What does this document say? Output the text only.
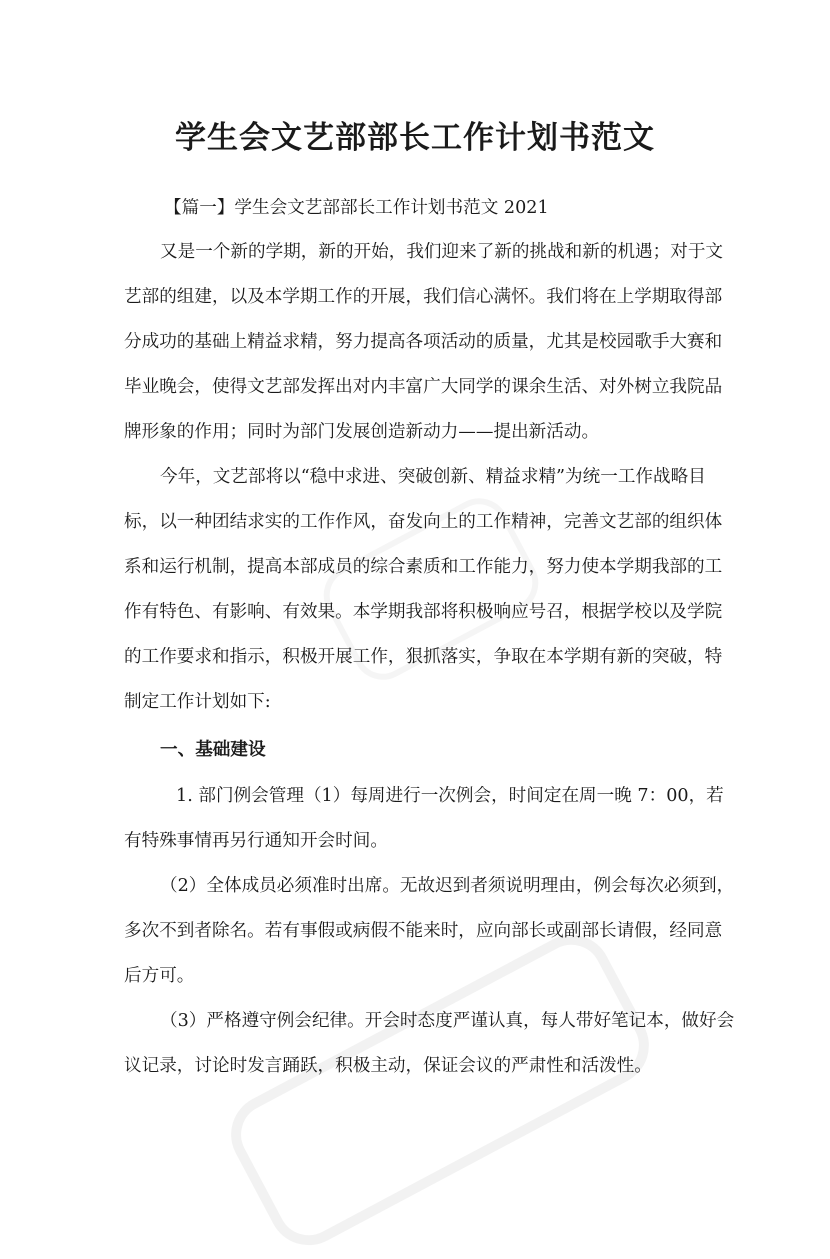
学生会文艺部部长工作计划书范文
【篇一】学生会文艺部部长工作计划书范文 2021
又是一个新的学期，新的开始，我们迎来了新的挑战和新的机遇；对于文
艺部的组建，以及本学期工作的开展，我们信心满怀。我们将在上学期取得部
分成功的基础上精益求精，努力提高各项活动的质量，尤其是校园歌手大赛和
毕业晚会，使得文艺部发挥出对内丰富广大同学的课余生活、对外树立我院品
牌形象的作用；同时为部门发展创造新动力——提出新活动。
今年，文艺部将以“稳中求进、突破创新、精益求精”为统一工作战略目
标，以一种团结求实的工作作风，奋发向上的工作精神，完善文艺部的组织体
系和运行机制，提高本部成员的综合素质和工作能力，努力使本学期我部的工
作有特色、有影响、有效果。本学期我部将积极响应号召，根据学校以及学院
的工作要求和指示，积极开展工作，狠抓落实，争取在本学期有新的突破，特
制定工作计划如下:
一、基础建设
1. 部门例会管理（1）每周进行一次例会，时间定在周一晚 7：00，若
有特殊事情再另行通知开会时间。
（2）全体成员必须准时出席。无故迟到者须说明理由，例会每次必须到，
多次不到者除名。若有事假或病假不能来时，应向部长或副部长请假，经同意
后方可。
（3）严格遵守例会纪律。开会时态度严谨认真，每人带好笔记本，做好会
议记录，讨论时发言踊跃，积极主动，保证会议的严肃性和活泼性。
